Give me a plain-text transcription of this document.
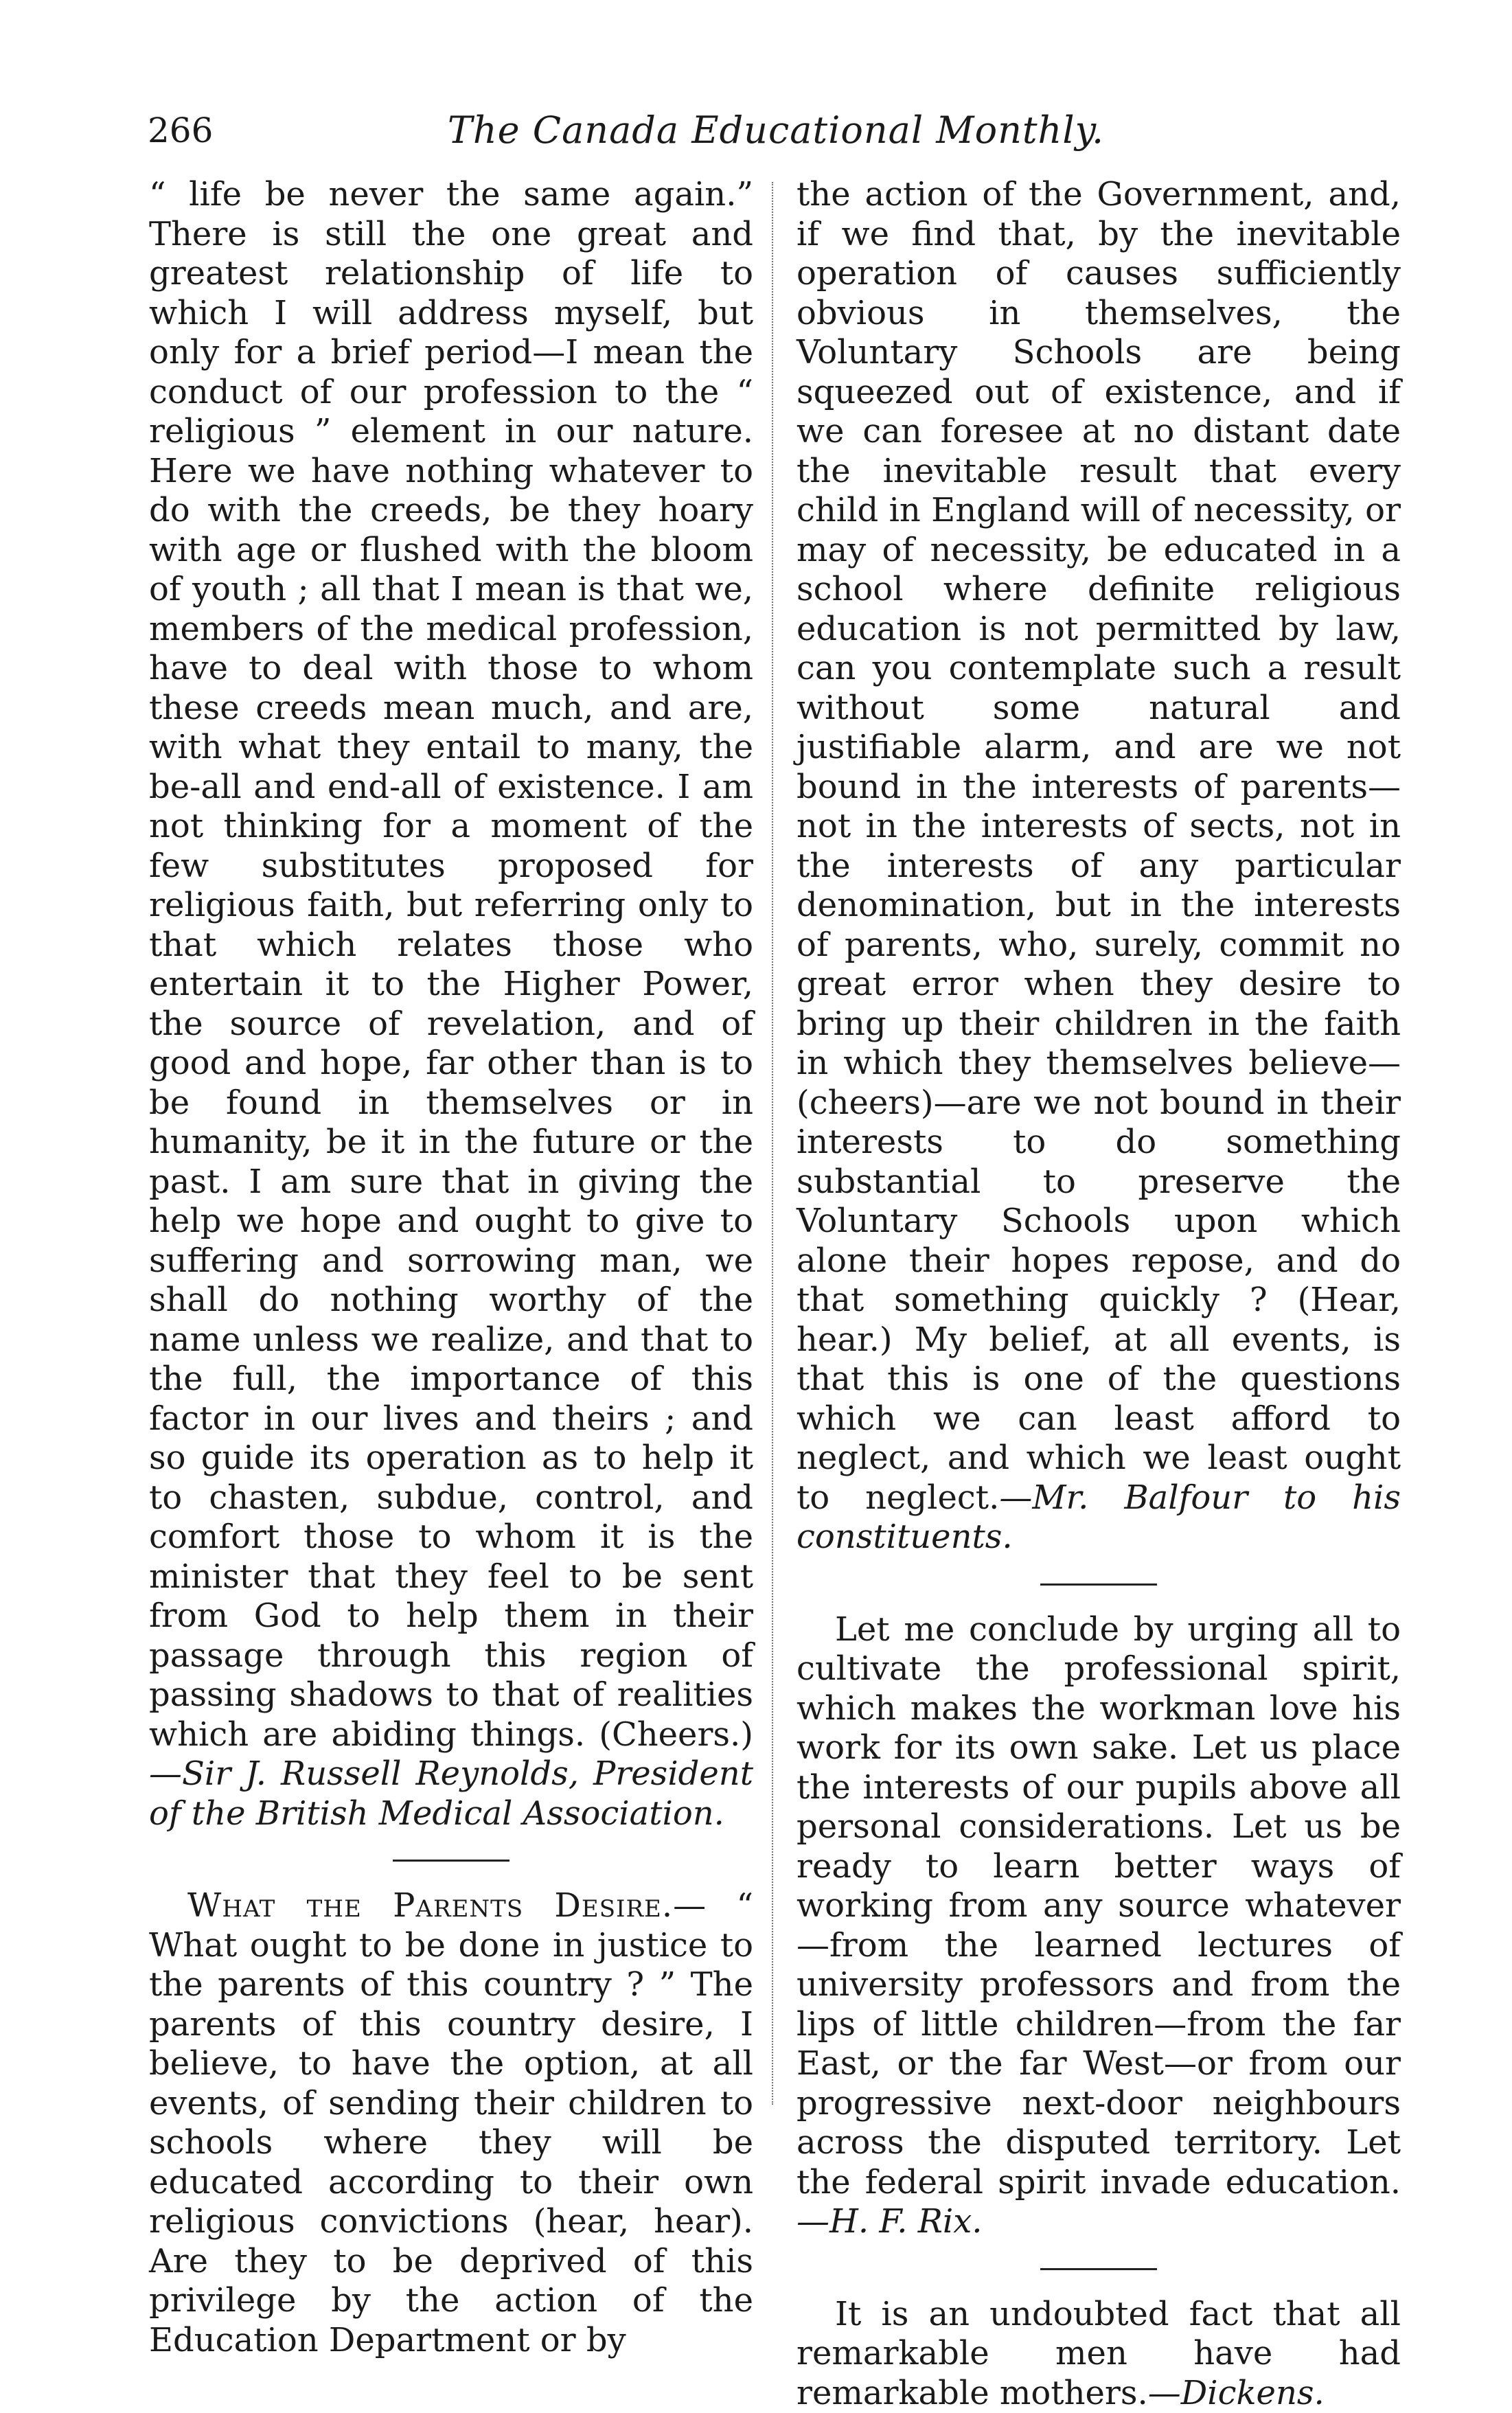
266	The Canada Educational Monthly.

“ life be never the same again.” There is still the one great and greatest relationship of life to which I will address myself, but only for a brief period—I mean the conduct of our profession to the “ religious ” element in our nature. Here we have nothing whatever to do with the creeds, be they hoary with age or flushed with the bloom of youth ; all that I mean is that we, members of the medical profession, have to deal with those to whom these creeds mean much, and are, with what they entail to many, the be-all and end-all of existence. I am not thinking for a moment of the few substitutes proposed for religious faith, but referring only to that which relates those who entertain it to the Higher Power, the source of revelation, and of good and hope, far other than is to be found in themselves or in humanity, be it in the future or the past. I am sure that in giving the help we hope and ought to give to suffering and sorrowing man, we shall do nothing worthy of the name unless we realize, and that to the full, the importance of this factor in our lives and theirs ; and so guide its operation as to help it to chasten, subdue, control, and comfort those to whom it is the minister that they feel to be sent from God to help them in their passage through this region of passing shadows to that of realities which are abiding things. (Cheers.) —Sir J. Russell Reynolds, President of the British Medical Association.

What the Parents Desire.— “ What ought to be done in justice to the parents of this country ? ” The parents of this country desire, I believe, to have the option, at all events, of sending their children to schools where they will be educated according to their own religious convictions (hear, hear). Are they to be deprived of this privilege by the action of the Education Department or by

the action of the Government, and, if we find that, by the inevitable operation of causes sufficiently obvious in themselves, the Voluntary Schools are being squeezed out of existence, and if we can foresee at no distant date the inevitable result that every child in England will of necessity, or may of necessity, be educated in a school where definite religious education is not permitted by law, can you contemplate such a result without some natural and justifiable alarm, and are we not bound in the interests of parents—not in the interests of sects, not in the interests of any particular denomination, but in the interests of parents, who, surely, commit no great error when they desire to bring up their children in the faith in which they themselves believe—(cheers)—are we not bound in their interests to do something substantial to preserve the Voluntary Schools upon which alone their hopes repose, and do that something quickly ? (Hear, hear.) My belief, at all events, is that this is one of the questions which we can least afford to neglect, and which we least ought to neglect.—Mr. Balfour to his constituents.

Let me conclude by urging all to cultivate the professional spirit, which makes the workman love his work for its own sake. Let us place the interests of our pupils above all personal considerations. Let us be ready to learn better ways of working from any source whatever—from the learned lectures of university professors and from the lips of little children—from the far East, or the far West—or from our progressive next-door neighbours across the disputed territory. Let the federal spirit invade education.—H. F. Rix.

It is an undoubted fact that all remarkable men have had remarkable mothers.—Dickens.
